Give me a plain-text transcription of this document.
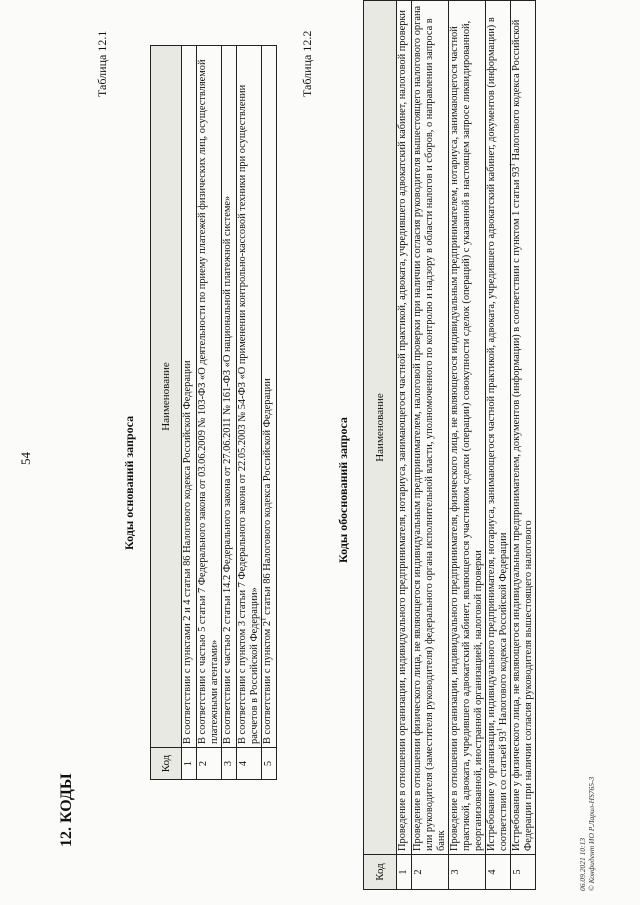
54
12. КОДЫ
Таблица 12.1
Коды оснований запроса
Код	Наименование
1	В соответствии с пунктами 2 и 4 статьи 86 Налогового кодекса Российской Федерации
2	В соответствии с частью 5 статьи 7 Федерального закона от 03.06.2009 № 103-ФЗ «О деятельности по приему платежей физических лиц, осуществляемой платежными агентами»
3	В соответствии с частью 2 статьи 14.2 Федерального закона от 27.06.2011 № 161-ФЗ «О национальной платежной системе»
4	В соответствии с пунктом 3 статьи 7 Федерального закона от 22.05.2003 № 54-ФЗ «О применении контрольно-кассовой техники при осуществлении расчетов в Российской Федерации»
5	В соответствии с пунктом $2^1$ статьи 86 Налогового кодекса Российской Федерации
Таблица 12.2
Коды обоснований запроса
Код	Наименование
1	Проведение в отношении организации, индивидуального предпринимателя, нотариуса, занимающегося частной практикой, адвоката, учредившего адвокатский кабинет, налоговой проверки
2	Проведение в отношении физического лица, не являющегося индивидуальным предпринимателем, налоговой проверки при наличии согласия руководителя вышестоящего налогового органа или руководителя (заместителя руководителя) федерального органа исполнительной власти, уполномоченного по контролю и надзору в области налогов и сборов, о направлении запроса в банк
3	Проведение в отношении организации, индивидуального предпринимателя, физического лица, не являющегося индивидуальным предпринимателем, нотариуса, занимающегося частной практикой, адвоката, учредившего адвокатский кабинет, являющегося участником сделки (операции) совокупности сделок (операций) с указанной в настоящем запросе ликвидированной, реорганизованной, иностранной организацией, налоговой проверки
4	Истребование у организации, индивидуального предпринимателя, нотариуса, занимающегося частной практикой, адвоката, учредившего адвокатский кабинет, документов (информации) в соответствии со статьей $93^1$ Налогового кодекса Российской Федерации
5	Истребование у физического лица, не являющегося индивидуальным предпринимателем, документов (информации) в соответствии с пунктом 1 статьи $93^1$ Налогового кодекса Российской Федерации при наличии согласия руководителя вышестоящего налогового
06.09.2021 10:13 © Конфидент ИО Р.Ларил-НS765-3
